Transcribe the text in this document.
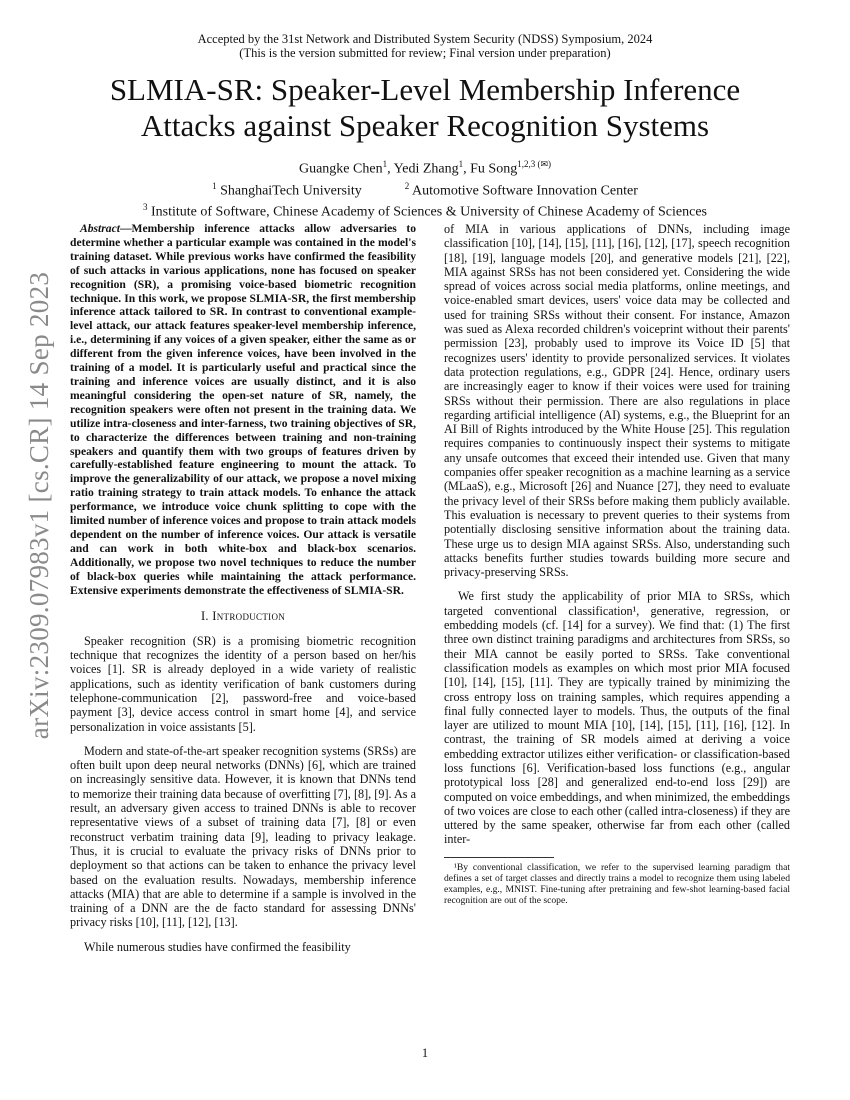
arXiv:2309.07983v1 [cs.CR] 14 Sep 2023
Accepted by the 31st Network and Distributed System Security (NDSS) Symposium, 2024
(This is the version submitted for review; Final version under preparation)
SLMIA-SR: Speaker-Level Membership Inference Attacks against Speaker Recognition Systems
Guangke Chen$^1$, Yedi Zhang$^1$, Fu Song$^{1,2,3 (✉)}$
$^1$ ShanghaiTech University	$^2$ Automotive Software Innovation Center
$^3$ Institute of Software, Chinese Academy of Sciences & University of Chinese Academy of Sciences

Abstract—Membership inference attacks allow adversaries to determine whether a particular example was contained in the model's training dataset. While previous works have confirmed the feasibility of such attacks in various applications, none has focused on speaker recognition (SR), a promising voice-based biometric recognition technique. In this work, we propose SLMIA-SR, the first membership inference attack tailored to SR. In contrast to conventional example-level attack, our attack features speaker-level membership inference, i.e., determining if any voices of a given speaker, either the same as or different from the given inference voices, have been involved in the training of a model. It is particularly useful and practical since the training and inference voices are usually distinct, and it is also meaningful considering the open-set nature of SR, namely, the recognition speakers were often not present in the training data. We utilize intra-closeness and inter-farness, two training objectives of SR, to characterize the differences between training and non-training speakers and quantify them with two groups of features driven by carefully-established feature engineering to mount the attack. To improve the generalizability of our attack, we propose a novel mixing ratio training strategy to train attack models. To enhance the attack performance, we introduce voice chunk splitting to cope with the limited number of inference voices and propose to train attack models dependent on the number of inference voices. Our attack is versatile and can work in both white-box and black-box scenarios. Additionally, we propose two novel techniques to reduce the number of black-box queries while maintaining the attack performance. Extensive experiments demonstrate the effectiveness of SLMIA-SR.

I. Introduction

Speaker recognition (SR) is a promising biometric recognition technique that recognizes the identity of a person based on her/his voices [1]. SR is already deployed in a wide variety of realistic applications, such as identity verification of bank customers during telephone-communication [2], password-free and voice-based payment [3], device access control in smart home [4], and service personalization in voice assistants [5].

Modern and state-of-the-art speaker recognition systems (SRSs) are often built upon deep neural networks (DNNs) [6], which are trained on increasingly sensitive data. However, it is known that DNNs tend to memorize their training data because of overfitting [7], [8], [9]. As a result, an adversary given access to trained DNNs is able to recover representative views of a subset of training data [7], [8] or even reconstruct verbatim training data [9], leading to privacy leakage. Thus, it is crucial to evaluate the privacy risks of DNNs prior to deployment so that actions can be taken to enhance the privacy level based on the evaluation results. Nowadays, membership inference attacks (MIA) that are able to determine if a sample is involved in the training of a DNN are the de facto standard for assessing DNNs' privacy risks [10], [11], [12], [13].

While numerous studies have confirmed the feasibility

of MIA in various applications of DNNs, including image classification [10], [14], [15], [11], [16], [12], [17], speech recognition [18], [19], language models [20], and generative models [21], [22], MIA against SRSs has not been considered yet. Considering the wide spread of voices across social media platforms, online meetings, and voice-enabled smart devices, users' voice data may be collected and used for training SRSs without their consent. For instance, Amazon was sued as Alexa recorded children's voiceprint without their parents' permission [23], probably used to improve its Voice ID [5] that recognizes users' identity to provide personalized services. It violates data protection regulations, e.g., GDPR [24]. Hence, ordinary users are increasingly eager to know if their voices were used for training SRSs without their permission. There are also regulations in place regarding artificial intelligence (AI) systems, e.g., the Blueprint for an AI Bill of Rights introduced by the White House [25]. This regulation requires companies to continuously inspect their systems to mitigate any unsafe outcomes that exceed their intended use. Given that many companies offer speaker recognition as a machine learning as a service (MLaaS), e.g., Microsoft [26] and Nuance [27], they need to evaluate the privacy level of their SRSs before making them publicly available. This evaluation is necessary to prevent queries to their systems from potentially disclosing sensitive information about the training data. These urge us to design MIA against SRSs. Also, understanding such attacks benefits further studies towards building more secure and privacy-preserving SRSs.

We first study the applicability of prior MIA to SRSs, which targeted conventional classification¹, generative, regression, or embedding models (cf. [14] for a survey). We find that: (1) The first three own distinct training paradigms and architectures from SRSs, so their MIA cannot be easily ported to SRSs. Take conventional classification models as examples on which most prior MIA focused [10], [14], [15], [11]. They are typically trained by minimizing the cross entropy loss on training samples, which requires appending a final fully connected layer to models. Thus, the outputs of the final layer are utilized to mount MIA [10], [14], [15], [11], [16], [12]. In contrast, the training of SR models aimed at deriving a voice embedding extractor utilizes either verification- or classification-based loss functions [6]. Verification-based loss functions (e.g., angular prototypical loss [28] and generalized end-to-end loss [29]) are computed on voice embeddings, and when minimized, the embeddings of two voices are close to each other (called intra-closeness) if they are uttered by the same speaker, otherwise far from each other (called inter-

¹By conventional classification, we refer to the supervised learning paradigm that defines a set of target classes and directly trains a model to recognize them using labeled examples, e.g., MNIST. Fine-tuning after pretraining and few-shot learning-based facial recognition are out of the scope.
1
